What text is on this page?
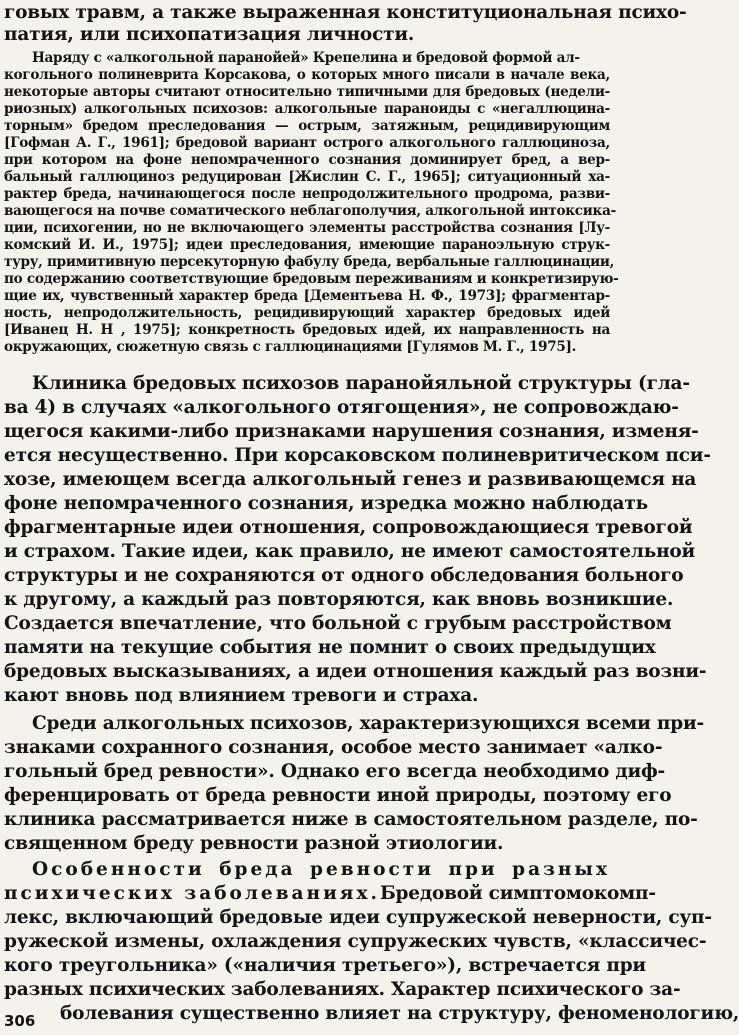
говых травм, а также выраженная конституциональная психо-
патия, или психопатизация личности.
Наряду с «алкогольной паранойей» Крепелина и бредовой формой ал-
когольного полиневрита Корсакова, о которых много писали в начале века,
некоторые авторы считают относительно типичными для бредовых (недели-
риозных) алкогольных психозов: алкогольные параноиды с «негаллюцина-
торным» бредом преследования — острым, затяжным, рецидивирующим
[Гофман А. Г., 1961]; бредовой вариант острого алкогольного галлюциноза,
при котором на фоне непомраченного сознания доминирует бред, а вер-
бальный галлюциноз редуцирован [Жислин С. Г., 1965]; ситуационный ха-
рактер бреда, начинающегося после непродолжительного продрома, разви-
вающегося на почве соматического неблагополучия, алкогольной интоксика-
ции, психогении, но не включающего элементы расстройства сознания [Лу-
комский И. И., 1975]; идеи преследования, имеющие параноэльную струк-
туру, примитивную персекуторную фабулу бреда, вербальные галлюцинации,
по содержанию соответствующие бредовым переживаниям и конкретизирую-
щие их, чувственный характер бреда [Дементьева Н. Ф., 1973]; фрагментар-
ность, непродолжительность, рецидивирующий характер бредовых идей
[Иванец Н. Н , 1975]; конкретность бредовых идей, их направленность на
окружающих, сюжетную связь с галлюцинациями [Гулямов М. Г., 1975].
Клиника бредовых психозов паранойяльной структуры (гла-
ва 4) в случаях «алкогольного отягощения», не сопровождаю-
щегося какими-либо признаками нарушения сознания, изменя-
ется несущественно. При корсаковском полиневритическом пси-
хозе, имеющем всегда алкогольный генез и развивающемся на
фоне непомраченного сознания, изредка можно наблюдать
фрагментарные идеи отношения, сопровождающиеся тревогой
и страхом. Такие идеи, как правило, не имеют самостоятельной
структуры и не сохраняются от одного обследования больного
к другому, а каждый раз повторяются, как вновь возникшие.
Создается впечатление, что больной с грубым расстройством
памяти на текущие события не помнит о своих предыдущих
бредовых высказываниях, а идеи отношения каждый раз возни-
кают вновь под влиянием тревоги и страха.
Среди алкогольных психозов, характеризующихся всеми при-
знаками сохранного сознания, особое место занимает «алко-
гольный бред ревности». Однако его всегда необходимо диф-
ференцировать от бреда ревности иной природы, поэтому его
клиника рассматривается ниже в самостоятельном разделе, по-
священном бреду ревности разной этиологии.
Особенности бреда ревности при разных
психических заболеваниях. Бредовой симптомокомп-
лекс, включающий бредовые идеи супружеской неверности, суп-
ружеской измены, охлаждения супружеских чувств, «классичес-
кого треугольника» («наличия третьего»), встречается при
разных психических заболеваниях. Характер психического за-
болевания существенно влияет на структуру, феноменологию,
306
